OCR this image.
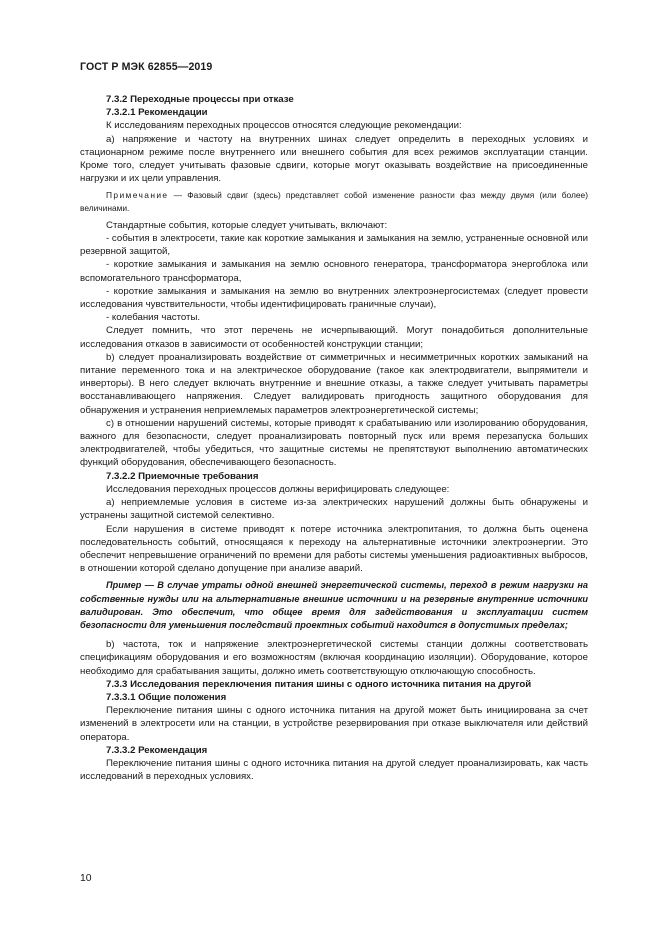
ГОСТ Р МЭК 62855—2019

7.3.2 Переходные процессы при отказе

7.3.2.1 Рекомендации

К исследованиям переходных процессов относятся следующие рекомендации:

а) напряжение и частоту на внутренних шинах следует определить в переходных условиях и стационарном режиме после внутреннего или внешнего события для всех режимов эксплуатации станции. Кроме того, следует учитывать фазовые сдвиги, которые могут оказывать воздействие на присоединенные нагрузки и их цели управления.

Примечание — Фазовый сдвиг (здесь) представляет собой изменение разности фаз между двумя (или более) величинами.

Стандартные события, которые следует учитывать, включают:

- события в электросети, такие как короткие замыкания и замыкания на землю, устраненные основной или резервной защитой,

- короткие замыкания и замыкания на землю основного генератора, трансформатора энергоблока или вспомогательного трансформатора,

- короткие замыкания и замыкания на землю во внутренних электроэнергосистемах (следует провести исследования чувствительности, чтобы идентифицировать граничные случаи),

- колебания частоты.

Следует помнить, что этот перечень не исчерпывающий. Могут понадобиться дополнительные исследования отказов в зависимости от особенностей конструкции станции;

b) следует проанализировать воздействие от симметричных и несимметричных коротких замыканий на питание переменного тока и на электрическое оборудование (такое как электродвигатели, выпрямители и инверторы). В него следует включать внутренние и внешние отказы, а также следует учитывать параметры восстанавливающего напряжения. Следует валидировать пригодность защитного оборудования для обнаружения и устранения неприемлемых параметров электроэнергетической системы;

с) в отношении нарушений системы, которые приводят к срабатыванию или изолированию оборудования, важного для безопасности, следует проанализировать повторный пуск или время перезапуска больших электродвигателей, чтобы убедиться, что защитные системы не препятствуют выполнению автоматических функций оборудования, обеспечивающего безопасность.

7.3.2.2 Приемочные требования

Исследования переходных процессов должны верифицировать следующее:

а) неприемлемые условия в системе из-за электрических нарушений должны быть обнаружены и устранены защитной системой селективно.

Если нарушения в системе приводят к потере источника электропитания, то должна быть оценена последовательность событий, относящаяся к переходу на альтернативные источники электроэнергии. Это обеспечит непревышение ограничений по времени для работы системы уменьшения радиоактивных выбросов, в отношении которой сделано допущение при анализе аварий.

Пример — В случае утраты одной внешней энергетической системы, переход в режим нагрузки на собственные нужды или на альтернативные внешние источники и на резервные внутренние источники валидирован. Это обеспечит, что общее время для задействования и эксплуатации систем безопасности для уменьшения последствий проектных событий находится в допустимых пределах;

b) частота, ток и напряжение электроэнергетической системы станции должны соответствовать спецификациям оборудования и его возможностям (включая координацию изоляции). Оборудование, которое необходимо для срабатывания защиты, должно иметь соответствующую отключающую способность.

7.3.3 Исследования переключения питания шины с одного источника питания на другой

7.3.3.1 Общие положения

Переключение питания шины с одного источника питания на другой может быть инициирована за счет изменений в электросети или на станции, в устройстве резервирования при отказе выключателя или действий оператора.

7.3.3.2 Рекомендация

Переключение питания шины с одного источника питания на другой следует проанализировать, как часть исследований в переходных условиях.

10
